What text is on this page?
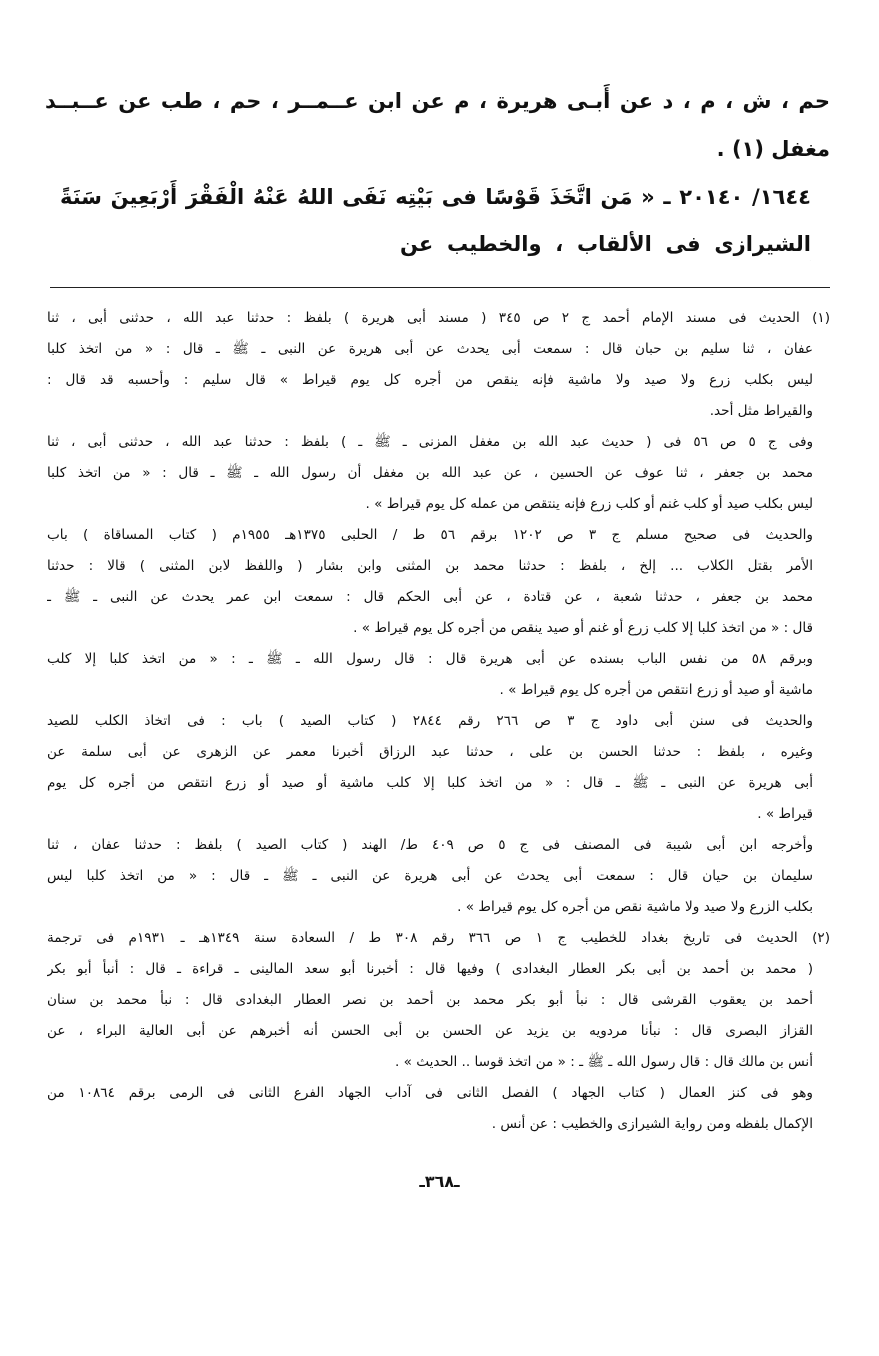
حم ، ش ، م ، د عن أَبـى هريرة ، م عن ابن عــمــر ، حم ، طب عن عــبــد
مغفل (١) .
١٦٤٤/ ٢٠١٤٠ ـ « مَن اتَّخَذَ قَوْسًا فى بَيْتِه نَفَى اللهُ عَنْهُ الْفَقْرَ أَرْبَعِينَ سَنَةً
الشيرازى فى الألقاب ، والخطيب عن
(١) الحديث فى مسند الإمام أحمد ج ٢ ص ٣٤٥ ( مسند أبى هريرة ) بلفظ : حدثنا عبد الله ، حدثنى أبى ، ثنا
عفان ، ثنا سليم بن حبان قال : سمعت أبى يحدث عن أبى هريرة عن النبى ـ ﷺ ـ قال : « من اتخذ كلبا
ليس بكلب زرع ولا صيد ولا ماشية فإنه ينقص من أجره كل يوم قيراط » قال سليم : وأحسبه قد قال :
والقيراط مثل أحد.
وفى ج ٥ ص ٥٦ فى ( حديث عبد الله بن مغفل المزنى ـ ﷺ ـ ) بلفظ : حدثنا عبد الله ، حدثنى أبى ، ثنا
محمد بن جعفر ، ثنا عوف عن الحسين ، عن عبد الله بن مغفل أن رسول الله ـ ﷺ ـ قال : « من اتخذ كلبا
ليس بكلب صيد أو كلب غنم أو كلب زرع فإنه ينتقص من عمله كل يوم قيراط » .
والحديث فى صحيح مسلم ج ٣ ص ١٢٠٢ برقم ٥٦ ط / الحلبى ١٣٧٥هـ ١٩٥٥م ( كتاب المساقاة ) باب
الأمر بقتل الكلاب ... إلخ ، بلفظ : حدثنا محمد بن المثنى وابن بشار ( واللفظ لابن المثنى ) قالا : حدثنا
محمد بن جعفر ، حدثنا شعبة ، عن قتادة ، عن أبى الحكم قال : سمعت ابن عمر يحدث عن النبى ـ ﷺ ـ
قال : « من اتخذ كلبا إلا كلب زرع أو غنم أو صيد ينقص من أجره كل يوم قيراط » .
وبرقم ٥٨ من نفس الباب بسنده عن أبى هريرة قال : قال رسول الله ـ ﷺ ـ : « من اتخذ كلبا إلا كلب
ماشية أو صيد أو زرع انتقص من أجره كل يوم قيراط » .
والحديث فى سنن أبى داود ج ٣ ص ٢٦٦ رقم ٢٨٤٤ ( كتاب الصيد ) باب : فى اتخاذ الكلب للصيد
وغيره ، بلفظ : حدثنا الحسن بن على ، حدثنا عبد الرزاق أخبرنا معمر عن الزهرى عن أبى سلمة عن
أبى هريرة عن النبى ـ ﷺ ـ قال : « من اتخذ كلبا إلا كلب ماشية أو صيد أو زرع انتقص من أجره كل يوم
قيراط » .
وأخرجه ابن أبى شيبة فى المصنف فى ج ٥ ص ٤٠٩ ط/ الهند ( كتاب الصيد ) بلفظ : حدثنا عفان ، ثنا
سليمان بن حيان قال : سمعت أبى يحدث عن أبى هريرة عن النبى ـ ﷺ ـ قال : « من اتخذ كلبا ليس
بكلب الزرع ولا صيد ولا ماشية نقص من أجره كل يوم قيراط » .
(٢) الحديث فى تاريخ بغداد للخطيب ج ١ ص ٣٦٦ رقم ٣٠٨ ط / السعادة سنة ١٣٤٩هـ ـ ١٩٣١م فى ترجمة
( محمد بن أحمد بن أبى بكر العطار البغدادى ) وفيها قال : أخبرنا أبو سعد المالينى ـ قراءة ـ قال : أنبأ أبو بكر
أحمد بن يعقوب القرشى قال : نبأ أبو بكر محمد بن أحمد بن نصر العطار البغدادى قال : نبأ محمد بن سنان
القزاز البصرى قال : نبأنا مردويه بن يزيد عن الحسن بن أبى الحسن أنه أخبرهم عن أبى العالية البراء ، عن
أنس بن مالك قال : قال رسول الله ـ ﷺ ـ : « من اتخذ قوسا .. الحديث » .
وهو فى كنز العمال ( كتاب الجهاد ) الفصل الثانى فى آداب الجهاد الفرع الثانى فى الرمى برقم ١٠٨٦٤ من
الإكمال بلفظه ومن رواية الشيرازى والخطيب : عن أنس .
ـ٣٦٨ـ
